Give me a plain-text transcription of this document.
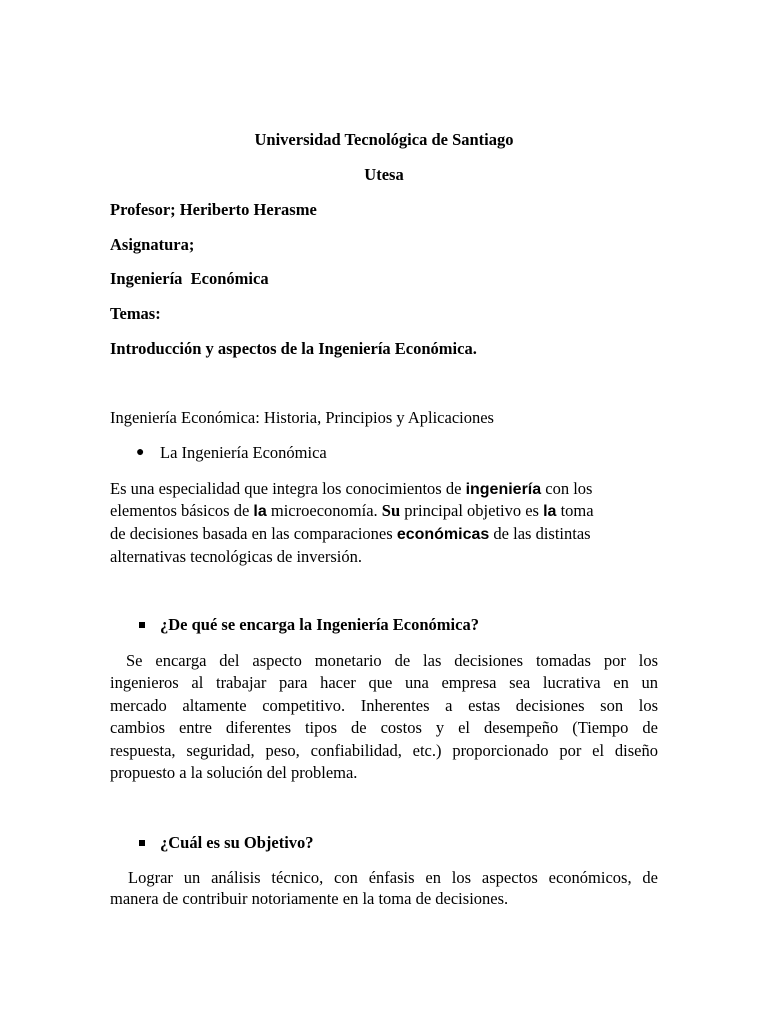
Universidad Tecnológica de Santiago
Utesa
Profesor; Heriberto Herasme
Asignatura;
Ingeniería  Económica
Temas:
Introducción y aspectos de la Ingeniería Económica.
Ingeniería Económica: Historia, Principios y Aplicaciones
● La Ingeniería Económica
Es una especialidad que integra los conocimientos de ingeniería con los
elementos básicos de la microeconomía. Su principal objetivo es la toma
de decisiones basada en las comparaciones económicas de las distintas
alternativas tecnológicas de inversión.
¿De qué se encarga la Ingeniería Económica?
Se encarga del aspecto monetario de las decisiones tomadas por los
ingenieros al trabajar para hacer que una empresa sea lucrativa en un
mercado altamente competitivo. Inherentes a estas decisiones son los
cambios entre diferentes tipos de costos y el desempeño (Tiempo de
respuesta, seguridad, peso, confiabilidad, etc.) proporcionado por el diseño
propuesto a la solución del problema.
¿Cuál es su Objetivo?
Lograr un análisis técnico, con énfasis en los aspectos económicos, de
manera de contribuir notoriamente en la toma de decisiones.
